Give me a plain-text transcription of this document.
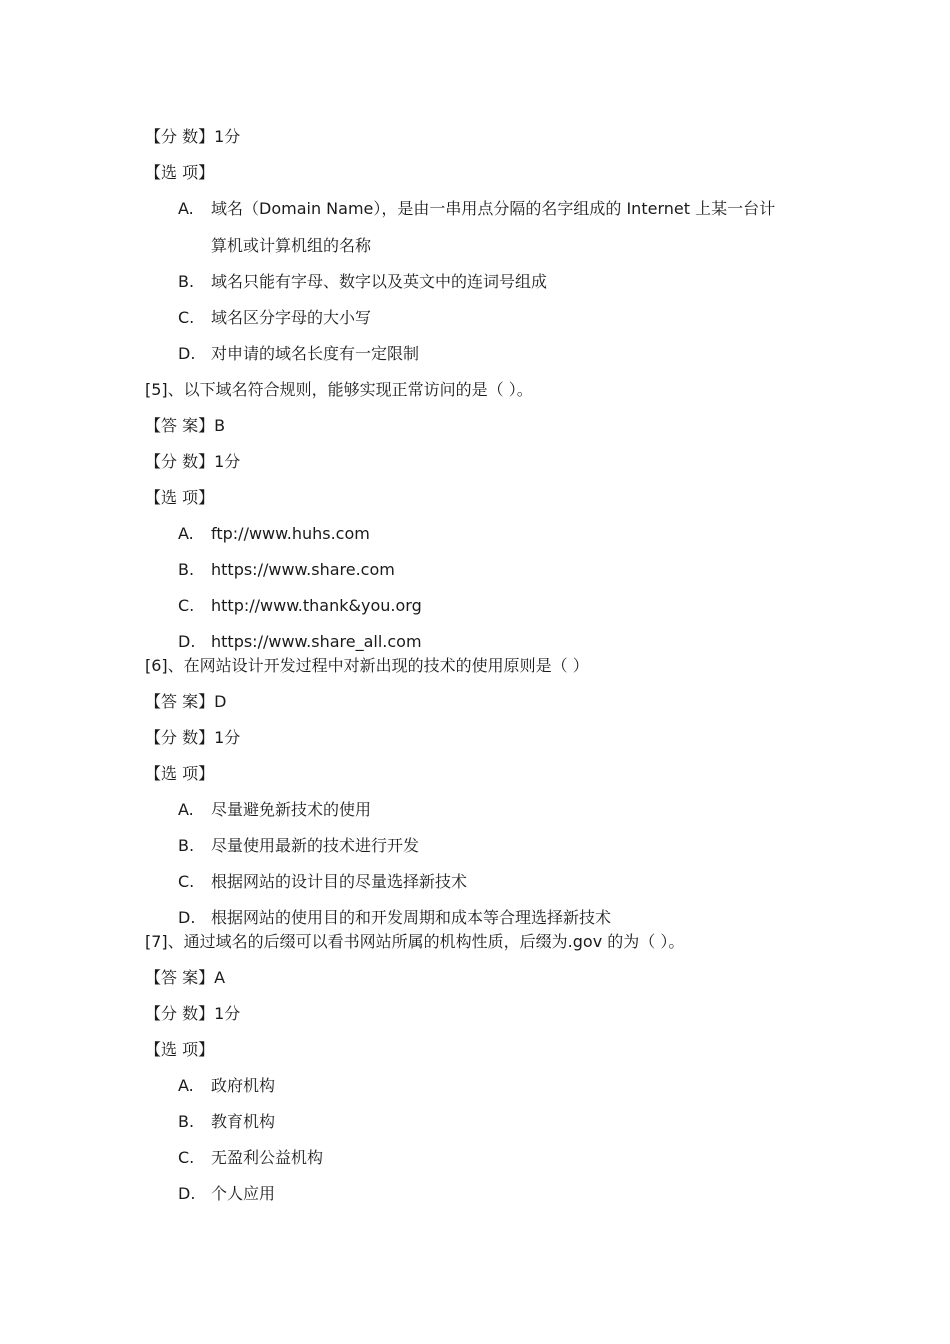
【分 数】1分
【选 项】
A. 域名（Domain Name），是由一串用点分隔的名字组成的 Internet 上某一台计
算机或计算机组的名称
B. 域名只能有字母、数字以及英文中的连词号组成
C. 域名区分字母的大小写
D. 对申请的域名长度有一定限制
[5]、以下域名符合规则，能够实现正常访问的是（ ）。
【答 案】B
【分 数】1分
【选 项】
A. ftp://www.huhs.com
B. https://www.share.com
C. http://www.thank&you.org
D. https://www.share_all.com
[6]、在网站设计开发过程中对新出现的技术的使用原则是（ ）
【答 案】D
【分 数】1分
【选 项】
A. 尽量避免新技术的使用
B. 尽量使用最新的技术进行开发
C. 根据网站的设计目的尽量选择新技术
D. 根据网站的使用目的和开发周期和成本等合理选择新技术
[7]、通过域名的后缀可以看书网站所属的机构性质，后缀为.gov 的为（ ）。
【答 案】A
【分 数】1分
【选 项】
A. 政府机构
B. 教育机构
C. 无盈利公益机构
D. 个人应用
